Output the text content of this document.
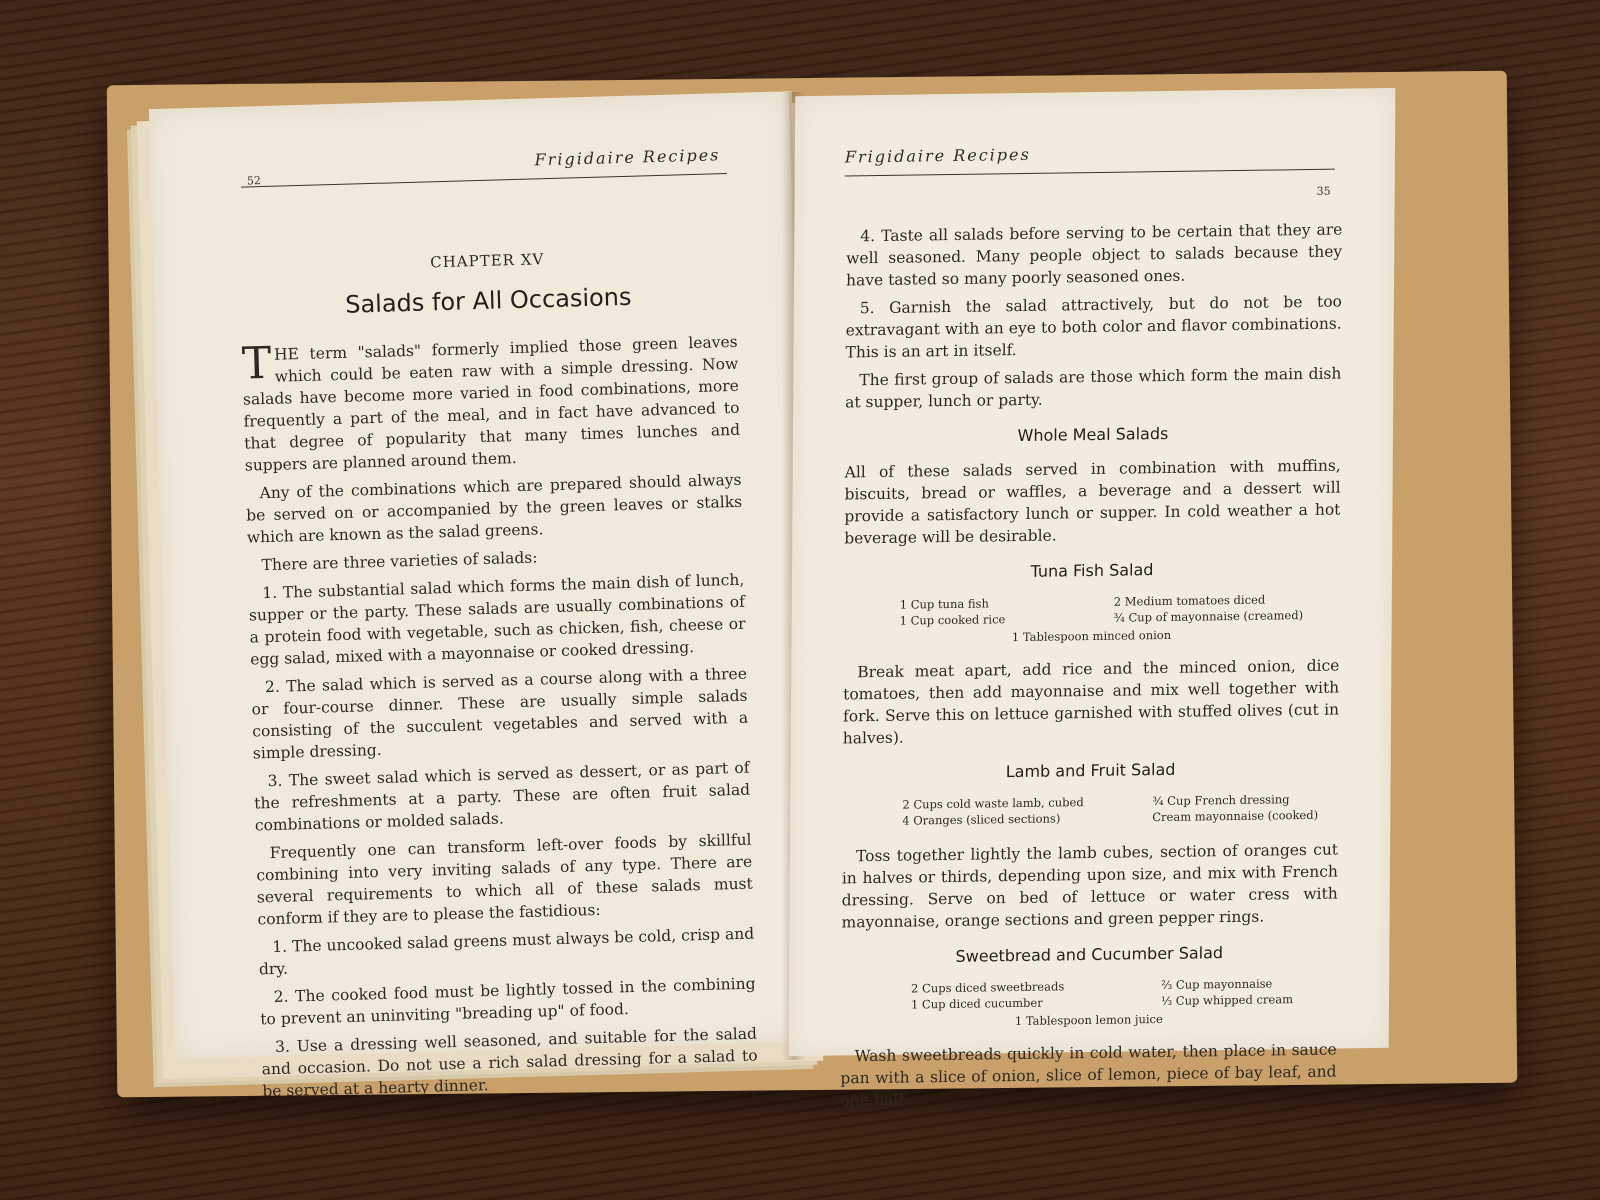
52
Frigidaire Recipes
CHAPTER XV
Salads for All Occasions

THE term "salads" formerly implied those green leaves which could be eaten raw with a simple dressing. Now salads have become more varied in food combinations, more frequently a part of the meal, and in fact have advanced to that degree of popularity that many times lunches and suppers are planned around them.

Any of the combinations which are prepared should always be served on or accompanied by the green leaves or stalks which are known as the salad greens.

There are three varieties of salads:

1. The substantial salad which forms the main dish of lunch, supper or the party. These salads are usually combinations of a protein food with vegetable, such as chicken, fish, cheese or egg salad, mixed with a mayonnaise or cooked dressing.

2. The salad which is served as a course along with a three or four-course dinner. These are usually simple salads consisting of the succulent vegetables and served with a simple dressing.

3. The sweet salad which is served as dessert, or as part of the refreshments at a party. These are often fruit salad combinations or molded salads.

Frequently one can transform left-over foods by skillful combining into very inviting salads of any type. There are several requirements to which all of these salads must conform if they are to please the fastidious:

1. The uncooked salad greens must always be cold, crisp and dry.

2. The cooked food must be lightly tossed in the combining to prevent an uninviting "breading up" of food.

3. Use a dressing well seasoned, and suitable for the salad and occasion. Do not use a rich salad dressing for a salad to be served at a hearty dinner.

Frigidaire Recipes
35

4. Taste all salads before serving to be certain that they are well seasoned. Many people object to salads because they have tasted so many poorly seasoned ones.

5. Garnish the salad attractively, but do not be too extravagant with an eye to both color and flavor combinations. This is an art in itself.

The first group of salads are those which form the main dish at supper, lunch or party.

Whole Meal Salads

All of these salads served in combination with muffins, biscuits, bread or waffles, a beverage and a dessert will provide a satisfactory lunch or supper. In cold weather a hot beverage will be desirable.

Tuna Fish Salad
1 Cup tuna fish
1 Cup cooked rice
2 Medium tomatoes diced
¾ Cup of mayonnaise (creamed)
1 Tablespoon minced onion

Break meat apart, add rice and the minced onion, dice tomatoes, then add mayonnaise and mix well together with fork. Serve this on lettuce garnished with stuffed olives (cut in halves).

Lamb and Fruit Salad
2 Cups cold waste lamb, cubed
4 Oranges (sliced sections)
¾ Cup French dressing
Cream mayonnaise (cooked)

Toss together lightly the lamb cubes, section of oranges cut in halves or thirds, depending upon size, and mix with French dressing. Serve on bed of lettuce or water cress with mayonnaise, orange sections and green pepper rings.

Sweetbread and Cucumber Salad
2 Cups diced sweetbreads
1 Cup diced cucumber
⅔ Cup mayonnaise
⅓ Cup whipped cream
1 Tablespoon lemon juice

Wash sweetbreads quickly in cold water, then place in sauce pan with a slice of onion, slice of lemon, piece of bay leaf, and one-half
